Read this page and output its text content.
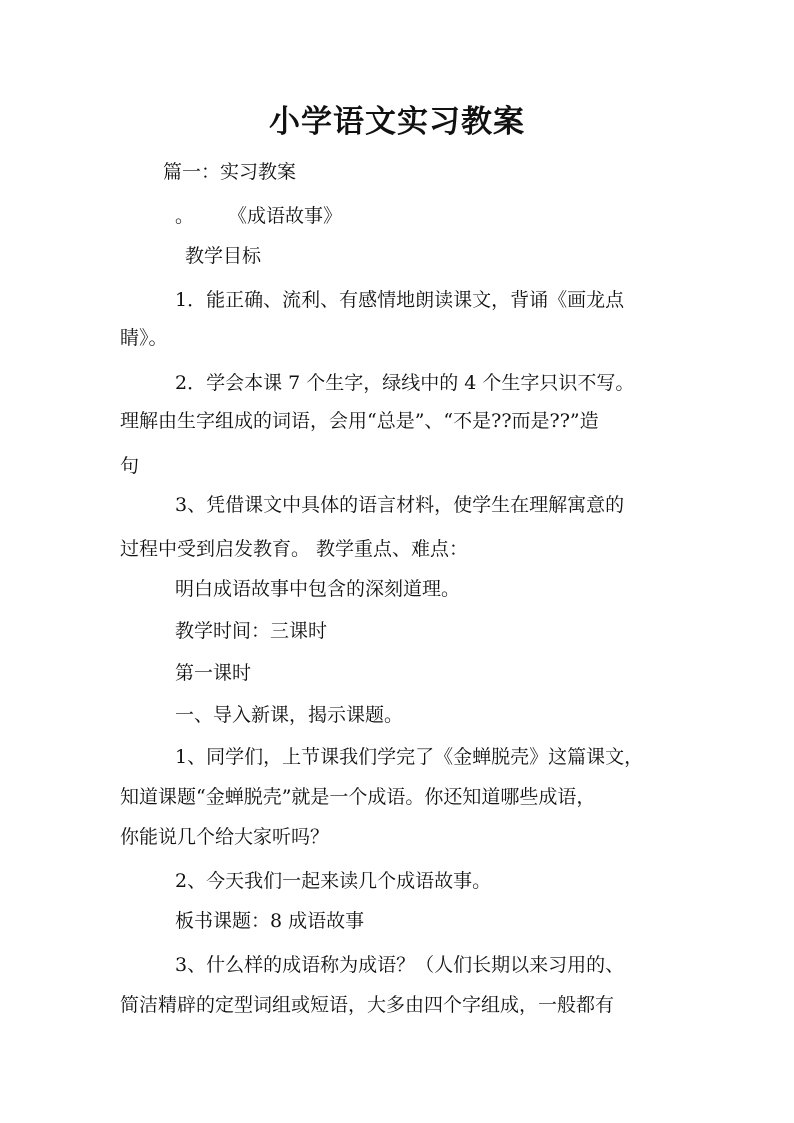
小学语文实习教案
篇一：实习教案
。 《成语故事》
教学目标
1．能正确、流利、有感情地朗读课文，背诵《画龙点
睛》。
2．学会本课 7 个生字，绿线中的 4 个生字只识不写。
理解由生字组成的词语，会用“总是”、“不是??而是??”造
句
3、凭借课文中具体的语言材料，使学生在理解寓意的
过程中受到启发教育。 教学重点、难点：
明白成语故事中包含的深刻道理。
教学时间：三课时
第一课时
一、导入新课，揭示课题。
1、同学们，上节课我们学完了《金蝉脱壳》这篇课文，
知道课题“金蝉脱壳”就是一个成语。你还知道哪些成语，
你能说几个给大家听吗？
2、今天我们一起来读几个成语故事。
板书课题：8 成语故事
3、什么样的成语称为成语？（人们长期以来习用的、
简洁精辟的定型词组或短语，大多由四个字组成，一般都有
